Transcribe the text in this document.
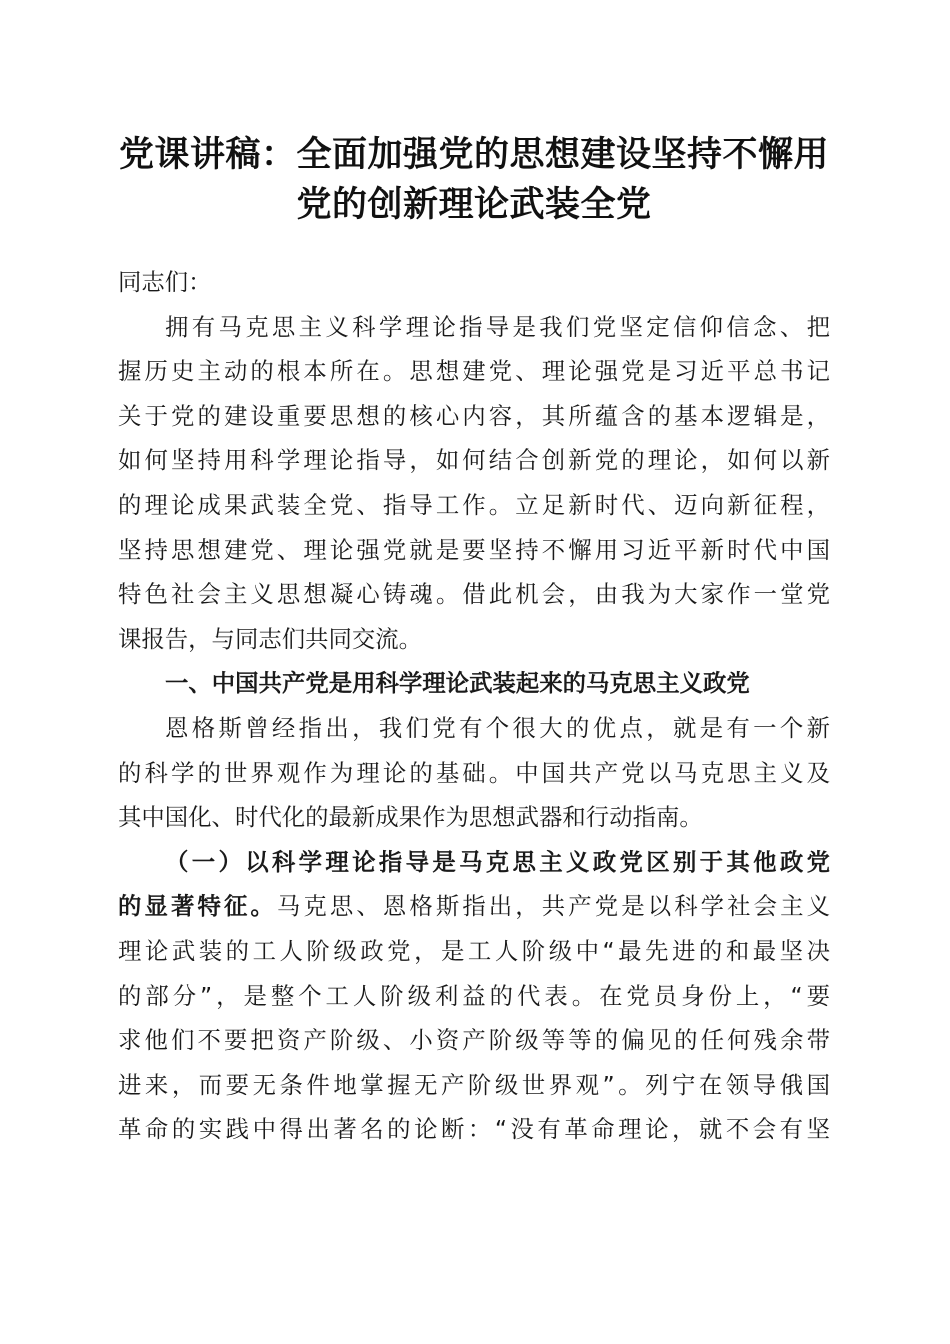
党课讲稿：全面加强党的思想建设坚持不懈用
党的创新理论武装全党
同志们：
拥有马克思主义科学理论指导是我们党坚定信仰信念、把
握历史主动的根本所在。思想建党、理论强党是习近平总书记
关于党的建设重要思想的核心内容，其所蕴含的基本逻辑是，
如何坚持用科学理论指导，如何结合创新党的理论，如何以新
的理论成果武装全党、指导工作。立足新时代、迈向新征程，
坚持思想建党、理论强党就是要坚持不懈用习近平新时代中国
特色社会主义思想凝心铸魂。借此机会，由我为大家作一堂党
课报告，与同志们共同交流。
一、中国共产党是用科学理论武装起来的马克思主义政党
恩格斯曾经指出，我们党有个很大的优点，就是有一个新
的科学的世界观作为理论的基础。中国共产党以马克思主义及
其中国化、时代化的最新成果作为思想武器和行动指南。
（一）以科学理论指导是马克思主义政党区别于其他政党
的显著特征。马克思、恩格斯指出，共产党是以科学社会主义
理论武装的工人阶级政党，是工人阶级中“最先进的和最坚决
的部分”，是整个工人阶级利益的代表。在党员身份上，“要
求他们不要把资产阶级、小资产阶级等等的偏见的任何残余带
进来，而要无条件地掌握无产阶级世界观”。列宁在领导俄国
革命的实践中得出著名的论断：“没有革命理论，就不会有坚
